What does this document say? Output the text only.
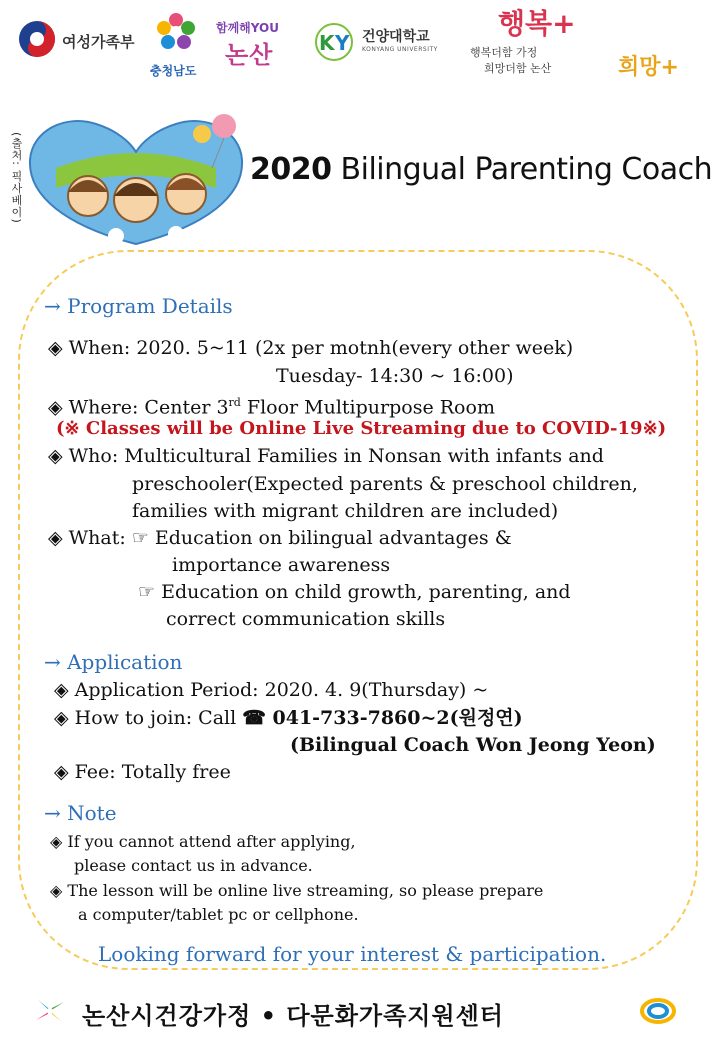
여성가족부
충청남도
함께해YOU
논산 K Y 건양대학교
KONYANG UNIVERSITY
행복+
행복더함 가정
희망더함 논산	희망+
(출처: 픽사베이)	2020 Bilingual Parenting Coach
→ Program Details
◈ When: 2020. 5~11 (2x per motnh(every other week)
Tuesday- 14:30 ~ 16:00)
◈ Where: Center 3rd Floor Multipurpose Room
(※ Classes will be Online Live Streaming due to COVID-19※)
◈ Who: Multicultural Families in Nonsan with infants and
preschooler(Expected parents & preschool children,
families with migrant children are included)
◈ What: ☞ Education on bilingual advantages &
importance awareness
☞ Education on child growth, parenting, and
correct communication skills
→ Application
◈ Application Period: 2020. 4. 9(Thursday) ~
◈ How to join: Call ☎ 041-733-7860~2(원정연)
(Bilingual Coach Won Jeong Yeon)
◈ Fee: Totally free
→ Note
◈ If you cannot attend after applying,
please contact us in advance.
◈ The lesson will be online live streaming, so please prepare
a computer/tablet pc or cellphone.
Looking forward for your interest & participation.
논산시건강가정 • 다문화가족지원센터
